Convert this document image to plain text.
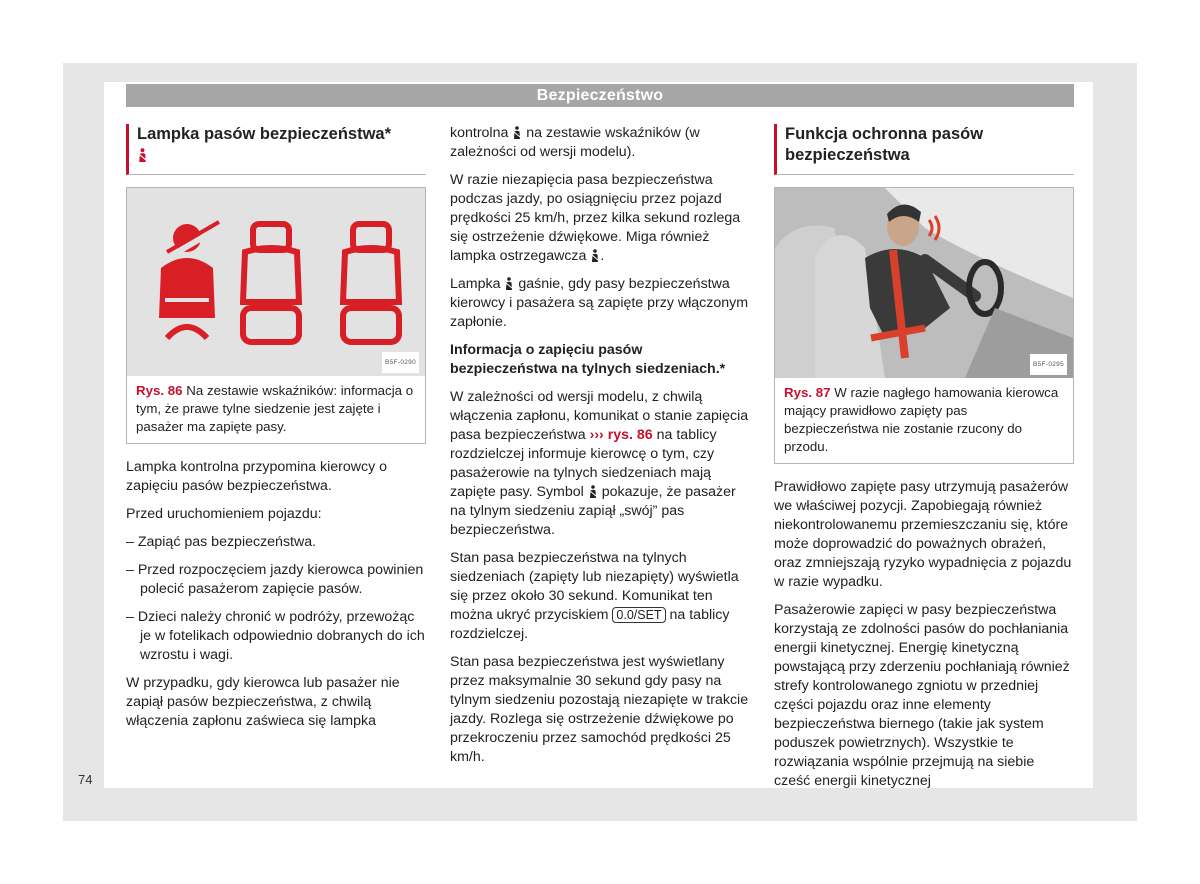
Bezpieczeństwo
74
Lampka pasów bezpieczeństwa*

B5F-0290
Rys. 86 Na zestawie wskaźników: informacja o tym, że prawe tylne siedzenie jest zajęte i pasażer ma zapięte pasy.

Lampka kontrolna przypomina kierowcy o zapięciu pasów bezpieczeństwa.

Przed uruchomieniem pojazdu:

– Zapiąć pas bezpieczeństwa.

– Przed rozpoczęciem jazdy kierowca powinien polecić pasażerom zapięcie pasów.

– Dzieci należy chronić w podróży, przewożąc je w fotelikach odpowiednio dobranych do ich wzrostu i wagi.

W przypadku, gdy kierowca lub pasażer nie zapiął pasów bezpieczeństwa, z chwilą włączenia zapłonu zaświeca się lampka

kontrolna  na zestawie wskaźników (w zależności od wersji modelu).

W razie niezapięcia pasa bezpieczeństwa podczas jazdy, po osiągnięciu przez pojazd prędkości 25 km/h, przez kilka sekund rozlega się ostrzeżenie dźwiękowe. Miga również lampka ostrzegawcza .

Lampka  gaśnie, gdy pasy bezpieczeństwa kierowcy i pasażera są zapięte przy włączonym zapłonie.

Informacja o zapięciu pasów bezpieczeństwa na tylnych siedzeniach.*

W zależności od wersji modelu, z chwilą włączenia zapłonu, komunikat o stanie zapięcia pasa bezpieczeństwa ››› rys. 86 na tablicy rozdzielczej informuje kierowcę o tym, czy pasażerowie na tylnych siedzeniach mają zapięte pasy. Symbol  pokazuje, że pasażer na tylnym siedzeniu zapiął „swój” pas bezpieczeństwa.

Stan pasa bezpieczeństwa na tylnych siedzeniach (zapięty lub niezapięty) wyświetla się przez około 30 sekund. Komunikat ten można ukryć przyciskiem 0.0/SET na tablicy rozdzielczej.

Stan pasa bezpieczeństwa jest wyświetlany przez maksymalnie 30 sekund gdy pasy na tylnym siedzeniu pozostają niezapięte w trakcie jazdy. Rozlega się ostrzeżenie dźwiękowe po przekroczeniu przez samochód prędkości 25 km/h.

Funkcja ochronna pasów bezpieczeństwa
B5F-0295
Rys. 87 W razie nagłego hamowania kierowca mający prawidłowo zapięty pas bezpieczeństwa nie zostanie rzucony do przodu.

Prawidłowo zapięte pasy utrzymują pasażerów we właściwej pozycji. Zapobiegają również niekontrolowanemu przemieszczaniu się, które może doprowadzić do poważnych obrażeń, oraz zmniejszają ryzyko wypadnięcia z pojazdu w razie wypadku.

Pasażerowie zapięci w pasy bezpieczeństwa korzystają ze zdolności pasów do pochłaniania energii kinetycznej. Energię kinetyczną powstającą przy zderzeniu pochłaniają również strefy kontrolowanego zgniotu w przedniej części pojazdu oraz inne elementy bezpieczeństwa biernego (takie jak system poduszek powietrznych). Wszystkie te rozwiązania wspólnie przejmują na siebie cześć energii kinetycznej
